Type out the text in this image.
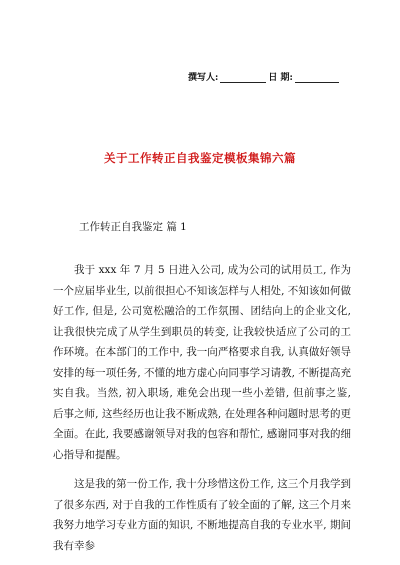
撰写人:	日 期:
关于工作转正自我鉴定模板集锦六篇
工作转正自我鉴定 篇 1

我于 xxx 年 7 月 5 日进入公司, 成为公司的试用员工, 作为一个应届毕业生, 以前很担心不知该怎样与人相处, 不知该如何做好工作, 但是, 公司宽松融洽的工作氛围、团结向上的企业文化, 让我很快完成了从学生到职员的转变, 让我较快适应了公司的工作环境。在本部门的工作中, 我一向严格要求自我, 认真做好领导安排的每一项任务, 不懂的地方虚心向同事学习请教, 不断提高充实自我。当然, 初入职场, 难免会出现一些小差错, 但前事之鉴, 后事之师, 这些经历也让我不断成熟, 在处理各种问题时思考的更全面。在此, 我要感谢领导对我的包容和帮忙, 感谢同事对我的细心指导和提醒。

这是我的第一份工作, 我十分珍惜这份工作, 这三个月我学到了很多东西, 对于自我的工作性质有了较全面的了解, 这三个月来我努力地学习专业方面的知识, 不断地提高自我的专业水平, 期间我有幸参
